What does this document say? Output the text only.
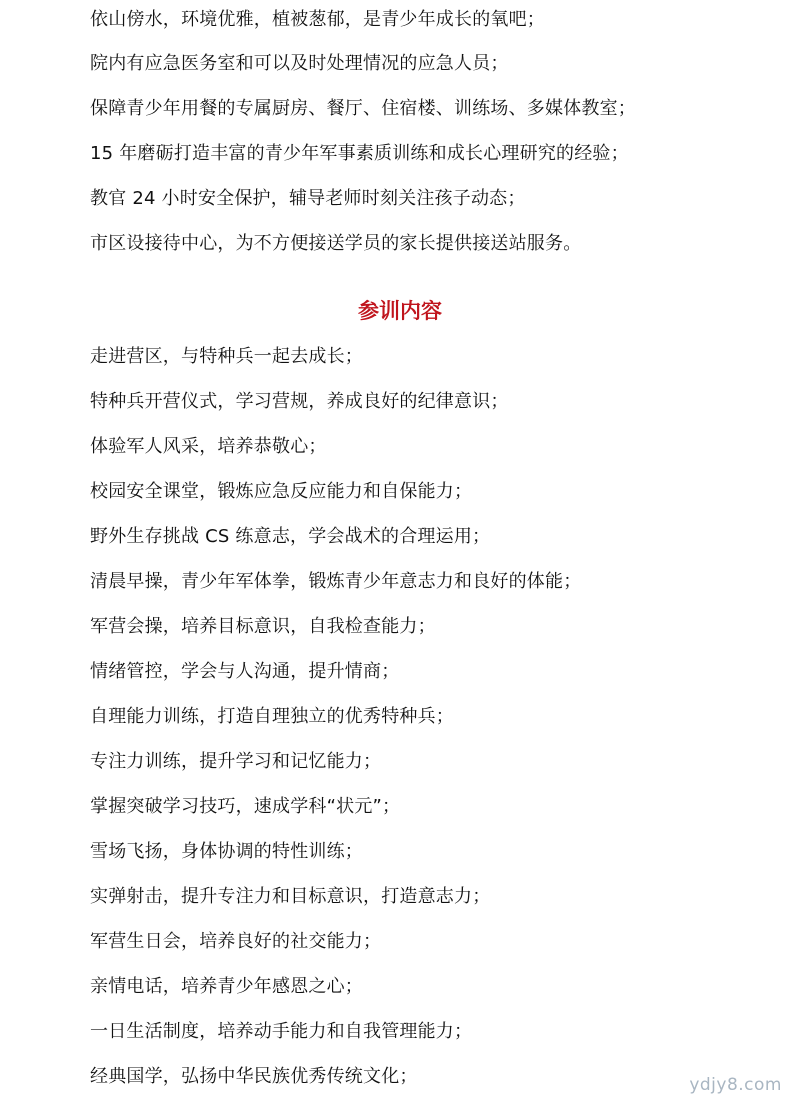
依山傍水，环境优雅，植被葱郁，是青少年成长的氧吧；
院内有应急医务室和可以及时处理情况的应急人员；
保障青少年用餐的专属厨房、餐厅、住宿楼、训练场、多媒体教室；
15 年磨砺打造丰富的青少年军事素质训练和成长心理研究的经验；
教官 24 小时安全保护，辅导老师时刻关注孩子动态；
市区设接待中心，为不方便接送学员的家长提供接送站服务。
参训内容
走进营区，与特种兵一起去成长；
特种兵开营仪式，学习营规，养成良好的纪律意识；
体验军人风采，培养恭敬心；
校园安全课堂，锻炼应急反应能力和自保能力；
野外生存挑战 CS 练意志，学会战术的合理运用；
清晨早操，青少年军体拳，锻炼青少年意志力和良好的体能；
军营会操，培养目标意识，自我检查能力；
情绪管控，学会与人沟通，提升情商；
自理能力训练，打造自理独立的优秀特种兵；
专注力训练，提升学习和记忆能力；
掌握突破学习技巧，速成学科“状元”；
雪场飞扬，身体协调的特性训练；
实弹射击，提升专注力和目标意识，打造意志力；
军营生日会，培养良好的社交能力；
亲情电话，培养青少年感恩之心；
一日生活制度，培养动手能力和自我管理能力；
经典国学，弘扬中华民族优秀传统文化；	ydjy8.com
